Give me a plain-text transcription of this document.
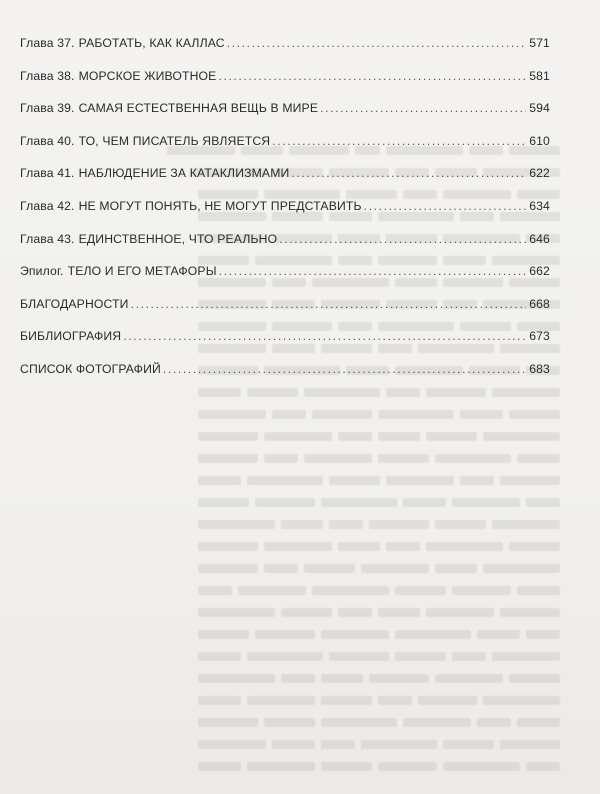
Глава 37. РАБОТАТЬ, КАК КАЛЛАС .....	571
Глава 38. МОРСКОЕ ЖИВОТНОЕ .....	581
Глава 39. САМАЯ ЕСТЕСТВЕННАЯ ВЕЩЬ В МИРЕ .....	594
Глава 40. ТО, ЧЕМ ПИСАТЕЛЬ ЯВЛЯЕТСЯ .....	610
Глава 41. НАБЛЮДЕНИЕ ЗА КАТАКЛИЗМАМИ .....	622
Глава 42. НЕ МОГУТ ПОНЯТЬ, НЕ МОГУТ ПРЕДСТАВИТЬ .....	634
Глава 43. ЕДИНСТВЕННОЕ, ЧТО РЕАЛЬНО .....	646
Эпилог. ТЕЛО И ЕГО МЕТАФОРЫ .....	662
БЛАГОДАРНОСТИ .....	668
БИБЛИОГРАФИЯ .....	673
СПИСОК ФОТОГРАФИЙ .....	683
